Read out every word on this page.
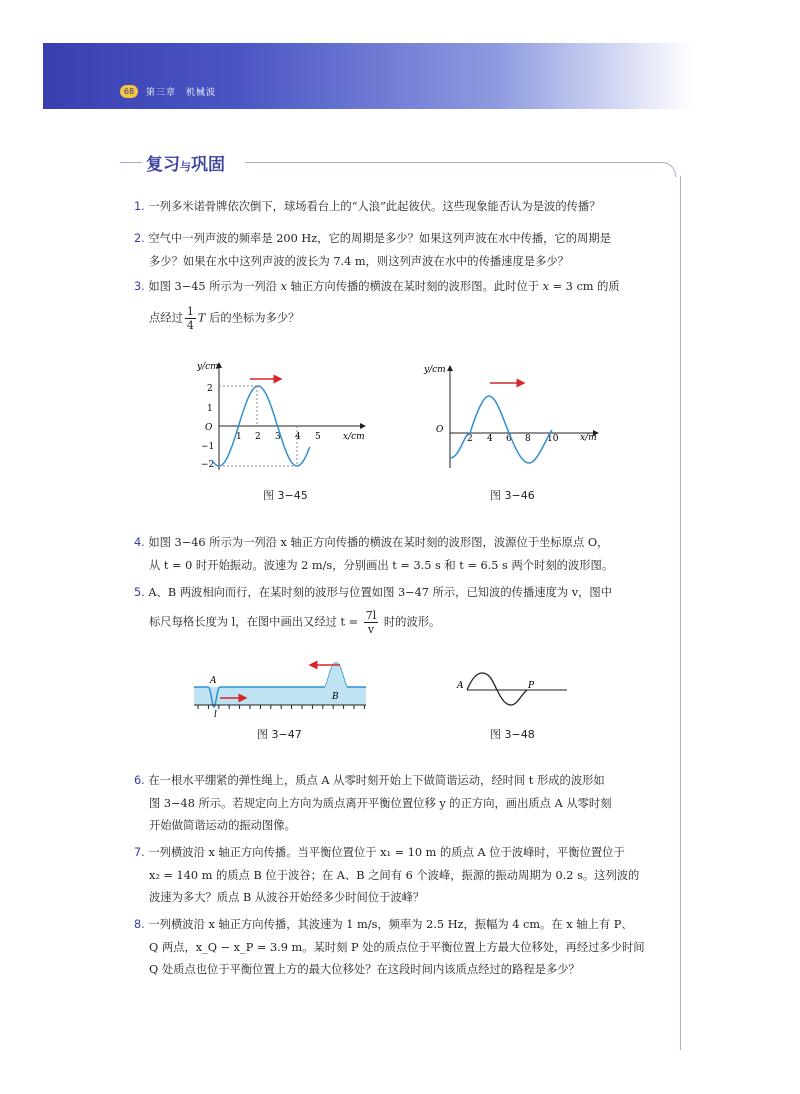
68	第三章　机械波
复习与巩固
1. 一列多米诺骨牌依次倒下，球场看台上的“人浪”此起彼伏。这些现象能否认为是波的传播？
2. 空气中一列声波的频率是 200 Hz，它的周期是多少？如果这列声波在水中传播，它的周期是
多少？如果在水中这列声波的波长为 7.4 m，则这列声波在水中的传播速度是多少？
3. 如图 3−45 所示为一列沿 x 轴正方向传播的横波在某时刻的波形图。此时位于 x = 3 cm 的质
点经过 $\frac{1}{4}$ T 后的坐标为多少？
y/cm
x/cm
O
2
1
−1
−2
1 2 3 4 5
图 3−45
y/cm
x/m
O
2 4 6 8 10
图 3−46
4. 如图 3−46 所示为一列沿 x 轴正方向传播的横波在某时刻的波形图，波源位于坐标原点 O，
从 t = 0 时开始振动。波速为 2 m/s，分别画出 t = 3.5 s 和 t = 6.5 s 两个时刻的波形图。
5. A、B 两波相向而行，在某时刻的波形与位置如图 3−47 所示，已知波的传播速度为 v，图中
标尺每格长度为 l，在图中画出又经过 $t = \frac{7l}{v}$ 时的波形。
A
B
l
图 3−47
A	P
图 3−48
6. 在一根水平绷紧的弹性绳上，质点 A 从零时刻开始上下做简谐运动，经时间 t 形成的波形如
图 3−48 所示。若规定向上方向为质点离开平衡位置位移 y 的正方向，画出质点 A 从零时刻
开始做简谐运动的振动图像。
7. 一列横波沿 x 轴正方向传播。当平衡位置位于 x₁ = 10 m 的质点 A 位于波峰时，平衡位置位于
x₂ = 140 m 的质点 B 位于波谷；在 A、B 之间有 6 个波峰，振源的振动周期为 0.2 s。这列波的
波速为多大？质点 B 从波谷开始经多少时间位于波峰？
8. 一列横波沿 x 轴正方向传播，其波速为 1 m/s，频率为 2.5 Hz，振幅为 4 cm。在 x 轴上有 P、
Q 两点，x_Q − x_P = 3.9 m。某时刻 P 处的质点位于平衡位置上方最大位移处，再经过多少时间
Q 处质点也位于平衡位置上方的最大位移处？在这段时间内该质点经过的路程是多少？
